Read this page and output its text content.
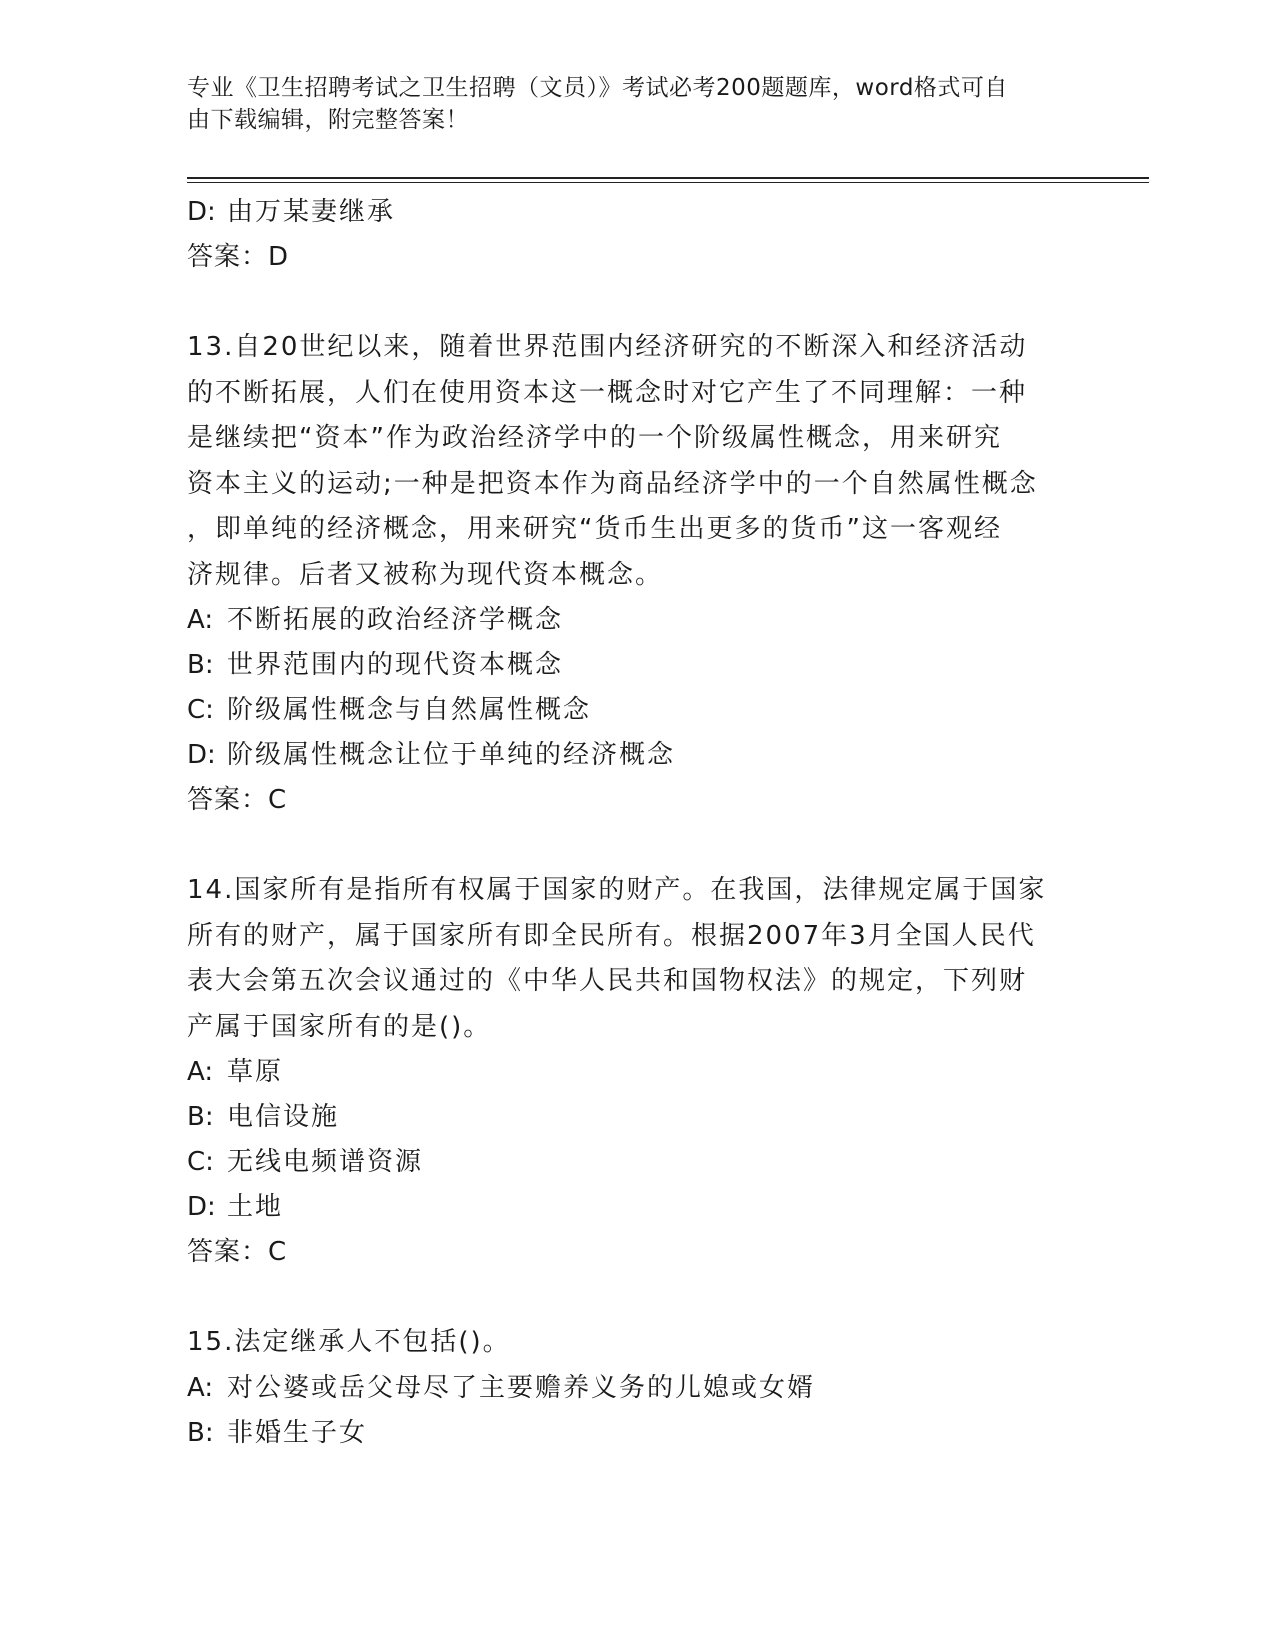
专业《卫生招聘考试之卫生招聘（文员）》考试必考200题题库，word格式可自
由下载编辑，附完整答案！
D: 由万某妻继承
答案：D
13.自20世纪以来，随着世界范围内经济研究的不断深入和经济活动
的不断拓展，人们在使用资本这一概念时对它产生了不同理解：一种
是继续把“资本”作为政治经济学中的一个阶级属性概念，用来研究
资本主义的运动;一种是把资本作为商品经济学中的一个自然属性概念
，即单纯的经济概念，用来研究“货币生出更多的货币”这一客观经
济规律。后者又被称为现代资本概念。
A: 不断拓展的政治经济学概念
B: 世界范围内的现代资本概念
C: 阶级属性概念与自然属性概念
D: 阶级属性概念让位于单纯的经济概念
答案：C
14.国家所有是指所有权属于国家的财产。在我国，法律规定属于国家
所有的财产，属于国家所有即全民所有。根据2007年3月全国人民代
表大会第五次会议通过的《中华人民共和国物权法》的规定，下列财
产属于国家所有的是()。
A: 草原
B: 电信设施
C: 无线电频谱资源
D: 土地
答案：C
15.法定继承人不包括()。
A: 对公婆或岳父母尽了主要赡养义务的儿媳或女婿
B: 非婚生子女
